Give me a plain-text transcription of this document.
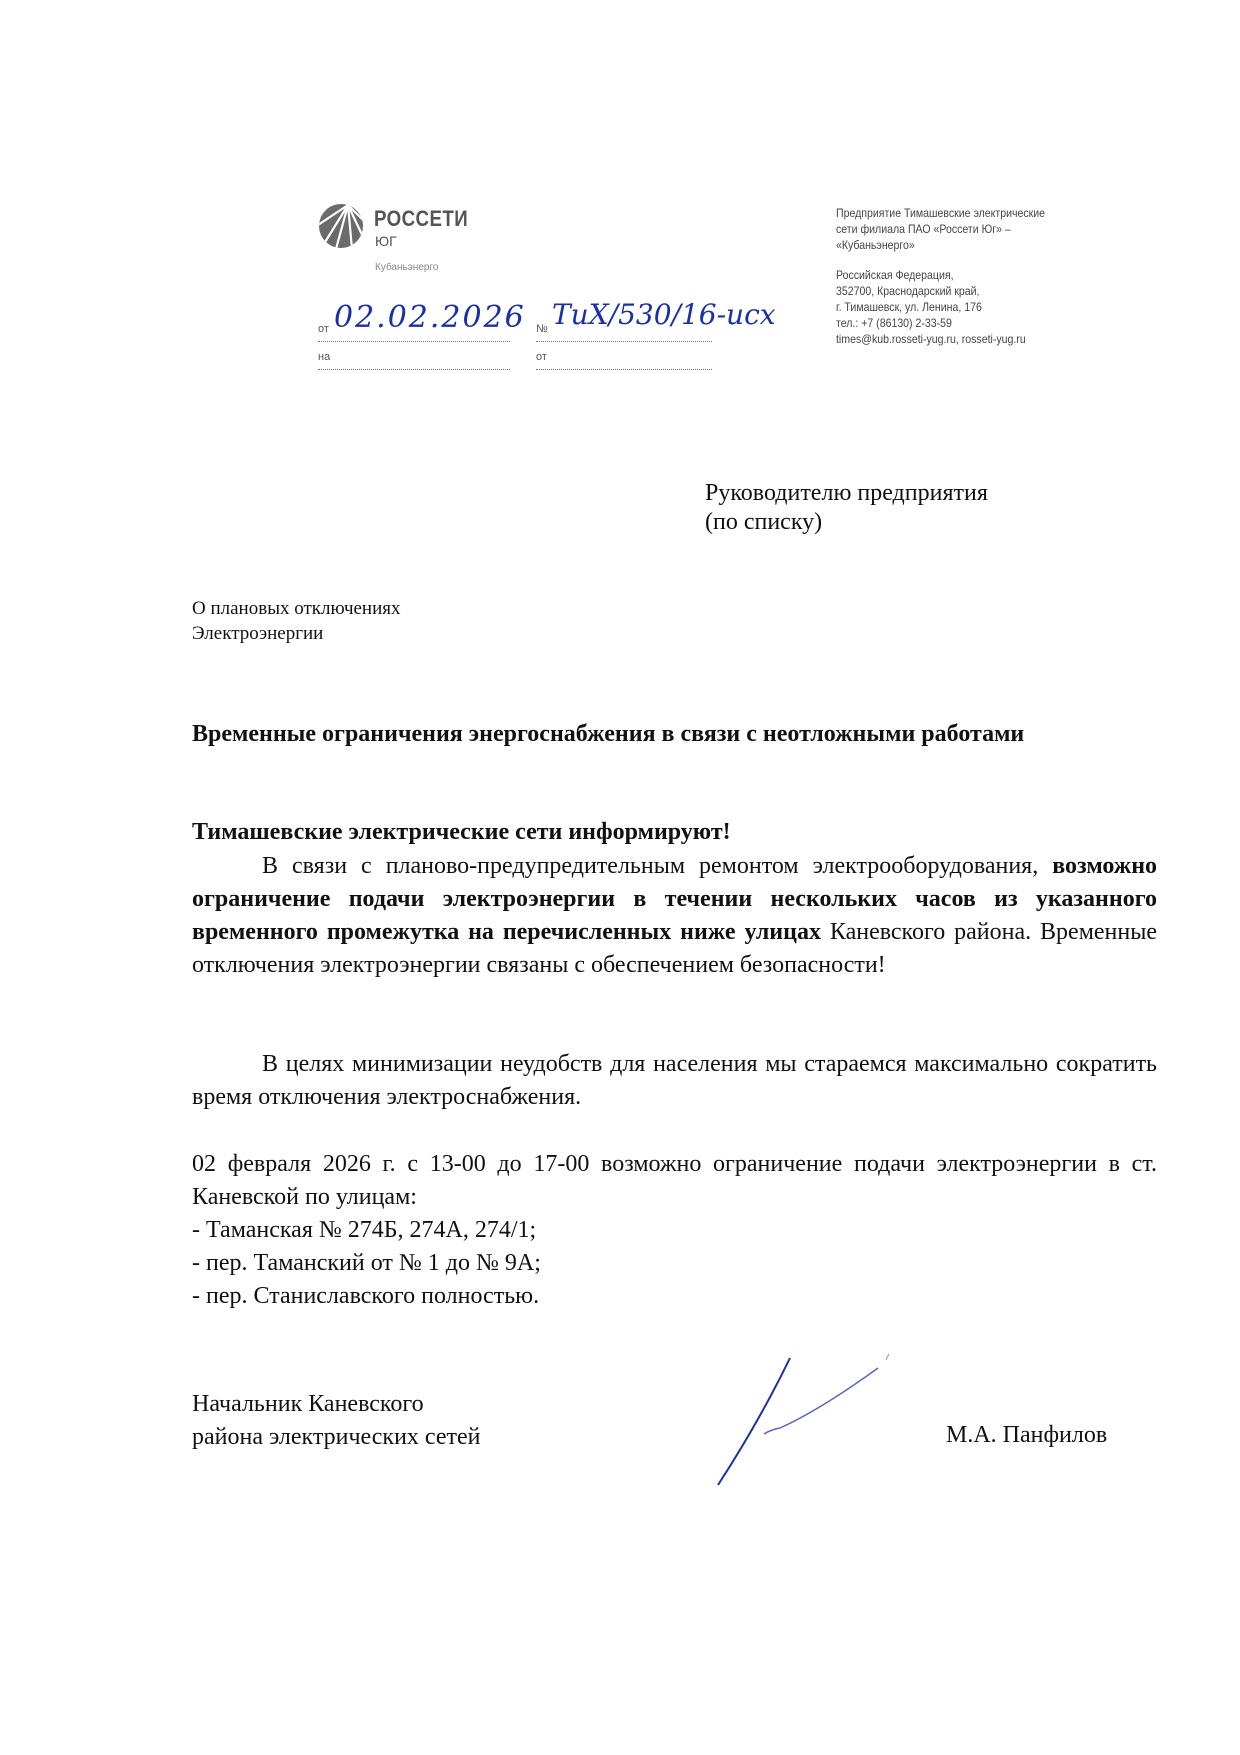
РОССЕТИ
ЮГ
Кубаньэнерго

Предприятие Тимашевские электрические

сети филиала ПАО «Россети Юг» –

«Кубаньэнерго»

Российская Федерация,

352700, Краснодарский край,

г. Тимашевск, ул. Ленина, 176

тел.: +7 (86130) 2-33-59

times@kub.rosseti-yug.ru, rosseti-yug.ru

от 02.02.2026 № ТиХ/530/16-исх
на	от

Руководителю предприятия

(по списку)

О плановых отключениях

Электроэнергии

Временные ограничения энергоснабжения в связи с неотложными работами
Тимашевские электрические сети информируют!
В связи с планово-предупредительным ремонтом электрооборудования, возможно ограничение подачи электроэнергии в течении нескольких часов из указанного временного промежутка на перечисленных ниже улицах Каневского района. Временные отключения электроэнергии связаны с обеспечением безопасности!
В целях минимизации неудобств для населения мы стараемся максимально сократить время отключения электроснабжения.
02 февраля 2026 г. с 13-00 до 17-00 возможно ограничение подачи электроэнергии в ст. Каневской по улицам:

- Таманская № 274Б, 274А, 274/1;

- пер. Таманский от № 1 до № 9А;

- пер. Станиславского полностью.

Начальник Каневского

района электрических сетей	М.А. Панфилов
